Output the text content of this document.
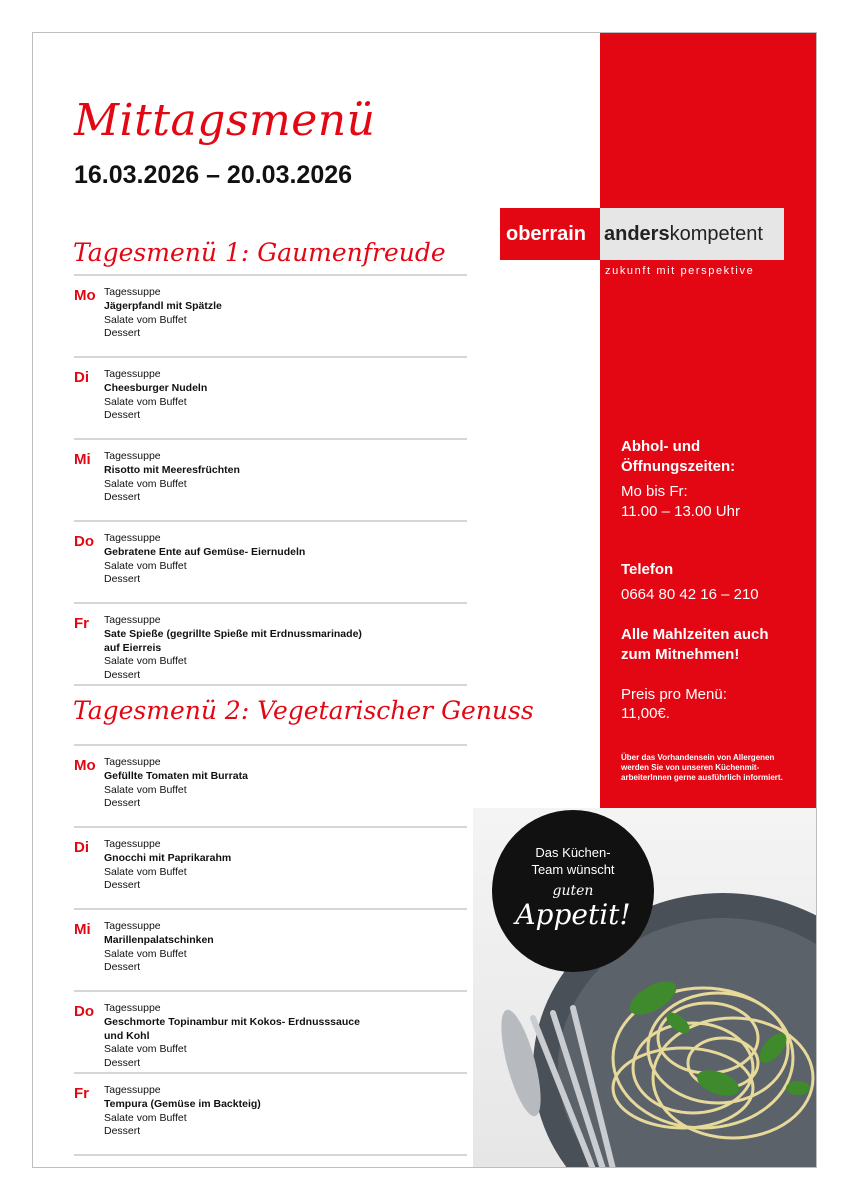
Mittagsmenü
16.03.2026 – 20.03.2026
Tagesmenü 1: Gaumenfreude
Mo Tagessuppe
Jägerpfandl mit Spätzle
Salate vom Buffet
Dessert
Di	Tagessuppe
Cheesburger Nudeln
Salate vom Buffet
Dessert
Mi	Tagessuppe
Risotto mit Meeresfrüchten
Salate vom Buffet
Dessert
Do Tagessuppe
Gebratene Ente auf Gemüse- Eiernudeln
Salate vom Buffet
Dessert
Fr	Tagessuppe
Sate Spieße (gegrillte Spieße mit Erdnussmarinade)
auf Eierreis
Salate vom Buffet
Dessert
Tagesmenü 2: Vegetarischer Genuss
Mo Tagessuppe
Gefüllte Tomaten mit Burrata
Salate vom Buffet
Dessert
Di	Tagessuppe
Gnocchi mit Paprikarahm
Salate vom Buffet
Dessert
Mi	Tagessuppe
Marillenpalatschinken
Salate vom Buffet
Dessert
Do Tagessuppe
Geschmorte Topinambur mit Kokos- Erdnusssauce
und Kohl
Salate vom Buffet
Dessert
Fr	Tagessuppe
Tempura (Gemüse im Backteig)
Salate vom Buffet
Dessert
oberrain anders kompetent
zukunft mit perspektive
Abhol- und
Öffnungszeiten:
Mo bis Fr:
11.00 – 13.00 Uhr
Telefon
0664 80 42 16 – 210
Alle Mahlzeiten auch
zum Mitnehmen!
Preis pro Menü:
11,00€.
Über das Vorhandensein von Allergenen
werden Sie von unseren Küchenmit-
arbeiterInnen gerne ausführlich informiert.
Das Küchen-
Team wünscht
guten
Appetit!
